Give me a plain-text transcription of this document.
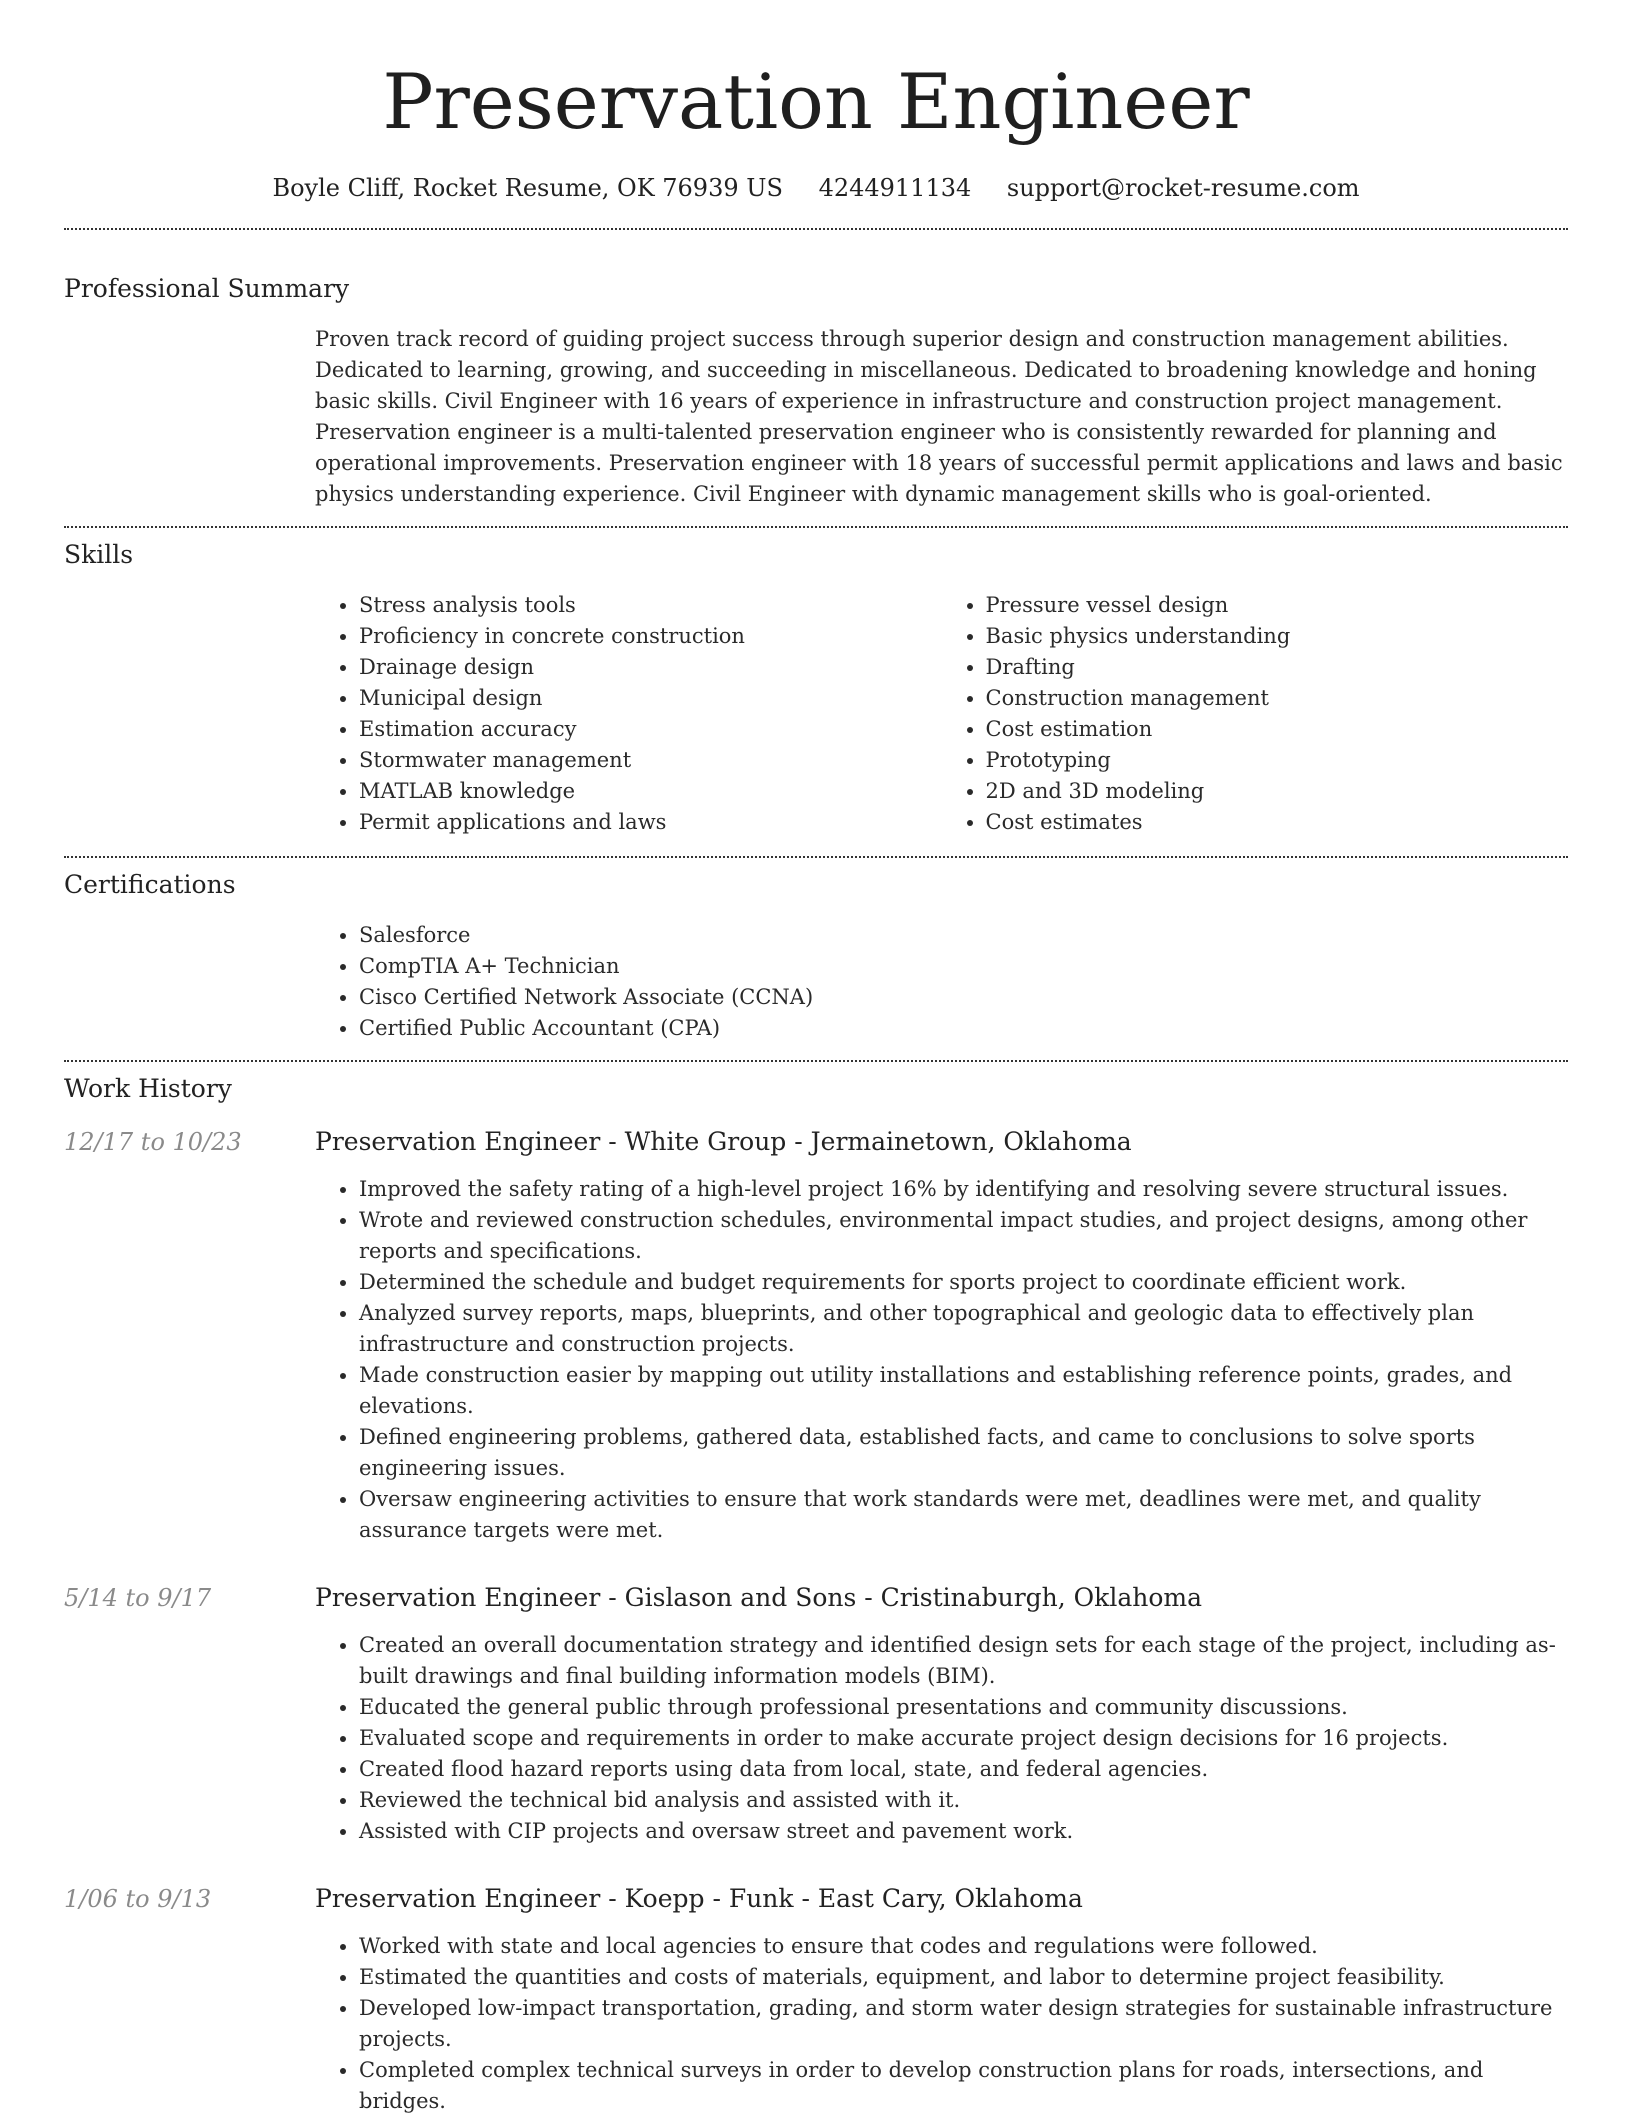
Preservation Engineer
Boyle Cliff, Rocket Resume, OK 76939 US 4244911134 support@rocket-resume.com
Professional Summary
Proven track record of guiding project success through superior design and construction management abilities. Dedicated to learning, growing, and succeeding in miscellaneous. Dedicated to broadening knowledge and honing basic skills. Civil Engineer with 16 years of experience in infrastructure and construction project management. Preservation engineer is a multi-talented preservation engineer who is consistently rewarded for planning and operational improvements. Preservation engineer with 18 years of successful permit applications and laws and basic physics understanding experience. Civil Engineer with dynamic management skills who is goal-oriented.
Skills
• Stress analysis tools
• Proficiency in concrete construction
• Drainage design
• Municipal design
• Estimation accuracy
• Stormwater management
• MATLAB knowledge
• Permit applications and laws
• Pressure vessel design
• Basic physics understanding
• Drafting
• Construction management
• Cost estimation
• Prototyping
• 2D and 3D modeling
• Cost estimates
Certifications
• Salesforce
• CompTIA A+ Technician
• Cisco Certified Network Associate (CCNA)
• Certified Public Accountant (CPA)
Work History
12/17 to 10/23	Preservation Engineer - White Group - Jermainetown, Oklahoma
• Improved the safety rating of a high-level project 16% by identifying and resolving severe structural issues.
• Wrote and reviewed construction schedules, environmental impact studies, and project designs, among other reports and specifications.
• Determined the schedule and budget requirements for sports project to coordinate efficient work.
• Analyzed survey reports, maps, blueprints, and other topographical and geologic data to effectively plan infrastructure and construction projects.
• Made construction easier by mapping out utility installations and establishing reference points, grades, and elevations.
• Defined engineering problems, gathered data, established facts, and came to conclusions to solve sports engineering issues.
• Oversaw engineering activities to ensure that work standards were met, deadlines were met, and quality assurance targets were met.
5/14 to 9/17	Preservation Engineer - Gislason and Sons - Cristinaburgh, Oklahoma
• Created an overall documentation strategy and identified design sets for each stage of the project, including as-built drawings and final building information models (BIM).
• Educated the general public through professional presentations and community discussions.
• Evaluated scope and requirements in order to make accurate project design decisions for 16 projects.
• Created flood hazard reports using data from local, state, and federal agencies.
• Reviewed the technical bid analysis and assisted with it.
• Assisted with CIP projects and oversaw street and pavement work.
1/06 to 9/13	Preservation Engineer - Koepp - Funk - East Cary, Oklahoma
• Worked with state and local agencies to ensure that codes and regulations were followed.
• Estimated the quantities and costs of materials, equipment, and labor to determine project feasibility.
• Developed low-impact transportation, grading, and storm water design strategies for sustainable infrastructure projects.
• Completed complex technical surveys in order to develop construction plans for roads, intersections, and bridges.
